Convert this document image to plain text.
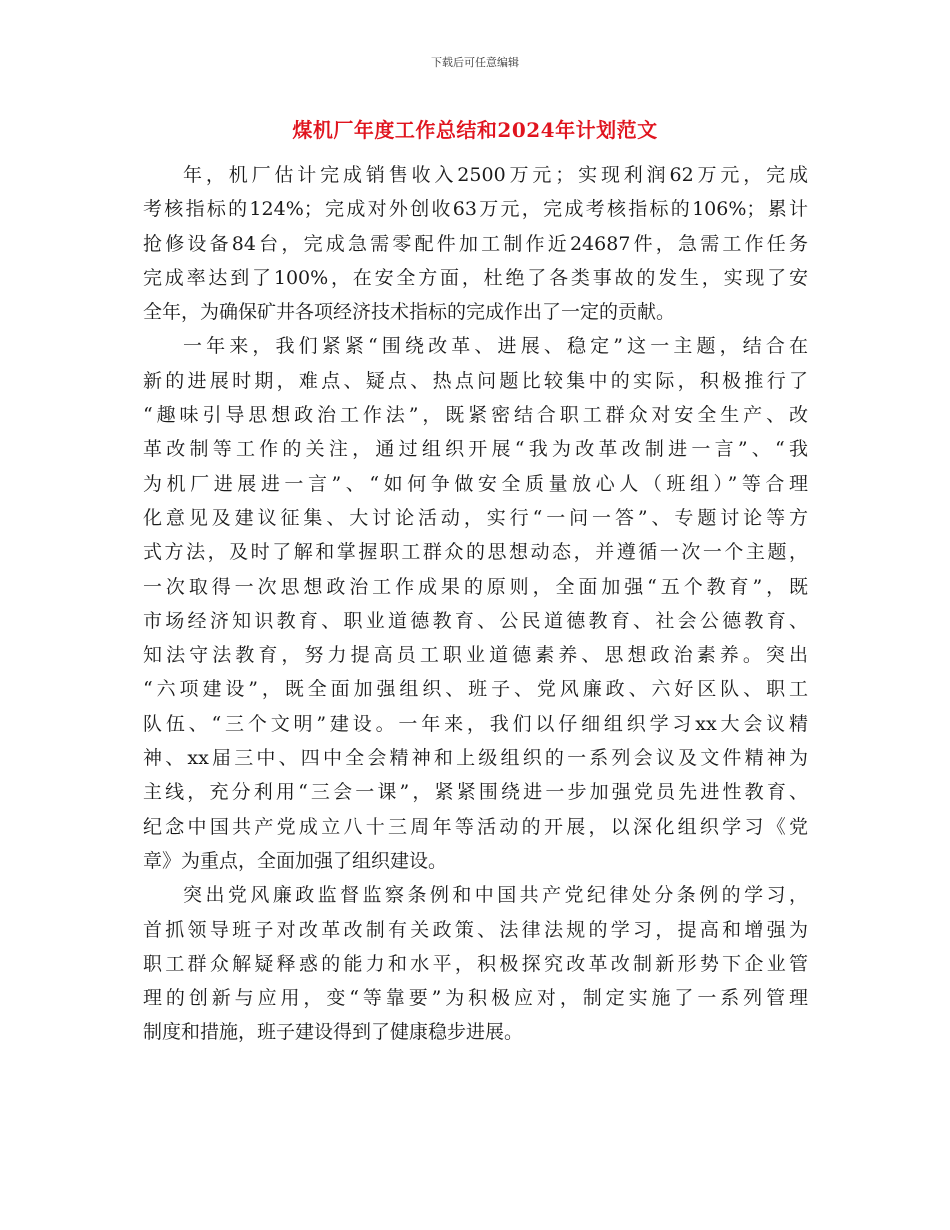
下载后可任意编辑
煤机厂年度工作总结和2024年计划范文
年，机厂估计完成销售收入2500万元；实现利润62万元，完成
考核指标的124%；完成对外创收63万元，完成考核指标的106%；累计
抢修设备84台，完成急需零配件加工制作近24687件，急需工作任务
完成率达到了100%，在安全方面，杜绝了各类事故的发生，实现了安
全年，为确保矿井各项经济技术指标的完成作出了一定的贡献。
一年来，我们紧紧“围绕改革、进展、稳定”这一主题，结合在
新的进展时期，难点、疑点、热点问题比较集中的实际，积极推行了
“趣味引导思想政治工作法”，既紧密结合职工群众对安全生产、改
革改制等工作的关注，通过组织开展“我为改革改制进一言”、“我
为机厂进展进一言”、“如何争做安全质量放心人（班组）”等合理
化意见及建议征集、大讨论活动，实行“一问一答”、专题讨论等方
式方法，及时了解和掌握职工群众的思想动态，并遵循一次一个主题，
一次取得一次思想政治工作成果的原则，全面加强“五个教育”，既
市场经济知识教育、职业道德教育、公民道德教育、社会公德教育、
知法守法教育，努力提高员工职业道德素养、思想政治素养。突出
“六项建设”，既全面加强组织、班子、党风廉政、六好区队、职工
队伍、“三个文明”建设。一年来，我们以仔细组织学习xx大会议精
神、xx届三中、四中全会精神和上级组织的一系列会议及文件精神为
主线，充分利用“三会一课”，紧紧围绕进一步加强党员先进性教育、
纪念中国共产党成立八十三周年等活动的开展，以深化组织学习《党
章》为重点，全面加强了组织建设。
突出党风廉政监督监察条例和中国共产党纪律处分条例的学习，
首抓领导班子对改革改制有关政策、法律法规的学习，提高和增强为
职工群众解疑释惑的能力和水平，积极探究改革改制新形势下企业管
理的创新与应用，变“等靠要”为积极应对，制定实施了一系列管理
制度和措施，班子建设得到了健康稳步进展。
